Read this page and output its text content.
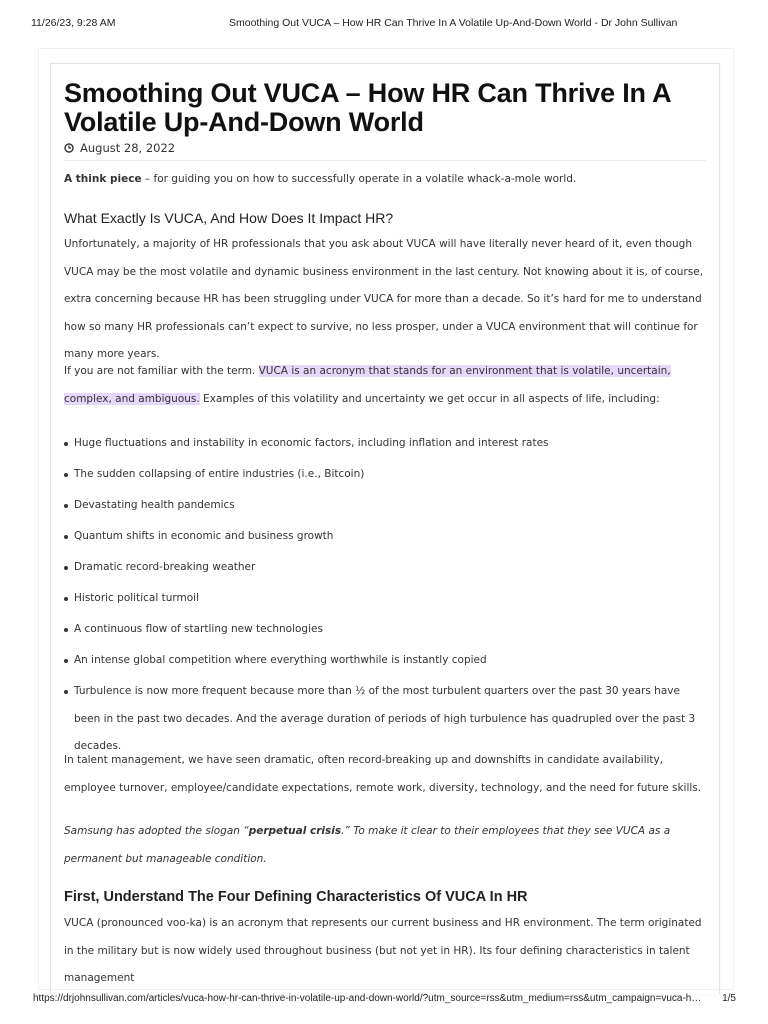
11/26/23, 9:28 AM	Smoothing Out VUCA – How HR Can Thrive In A Volatile Up-And-Down World - Dr John Sullivan
Smoothing Out VUCA – How HR Can Thrive In A Volatile Up-And-Down World
August 28, 2022

A think piece – for guiding you on how to successfully operate in a volatile whack-a-mole world.

What Exactly Is VUCA, And How Does It Impact HR?

Unfortunately, a majority of HR professionals that you ask about VUCA will have literally never heard of it, even though VUCA may be the most volatile and dynamic business environment in the last century. Not knowing about it is, of course, extra concerning because HR has been struggling under VUCA for more than a decade. So it’s hard for me to understand how so many HR professionals can’t expect to survive, no less prosper, under a VUCA environment that will continue for many more years.

If you are not familiar with the term. VUCA is an acronym that stands for an environment that is volatile, uncertain, complex, and ambiguous. Examples of this volatility and uncertainty we get occur in all aspects of life, including:

Huge fluctuations and instability in economic factors, including inflation and interest rates
The sudden collapsing of entire industries (i.e., Bitcoin)
Devastating health pandemics
Quantum shifts in economic and business growth
Dramatic record-breaking weather
Historic political turmoil
A continuous flow of startling new technologies
An intense global competition where everything worthwhile is instantly copied
Turbulence is now more frequent because more than ½ of the most turbulent quarters over the past 30 years have been in the past two decades. And the average duration of periods of high turbulence has quadrupled over the past 3 decades.

In talent management, we have seen dramatic, often record-breaking up and downshifts in candidate availability, employee turnover, employee/candidate expectations, remote work, diversity, technology, and the need for future skills.

Samsung has adopted the slogan “perpetual crisis.” To make it clear to their employees that they see VUCA as a permanent but manageable condition.

First, Understand The Four Defining Characteristics Of VUCA In HR

VUCA (pronounced voo-ka) is an acronym that represents our current business and HR environment. The term originated in the military but is now widely used throughout business (but not yet in HR). Its four defining characteristics in talent management

https://drjohnsullivan.com/articles/vuca-how-hr-can-thrive-in-volatile-up-and-down-world/?utm_source=rss&utm_medium=rss&utm_campaign=vuca-h…	1/5
